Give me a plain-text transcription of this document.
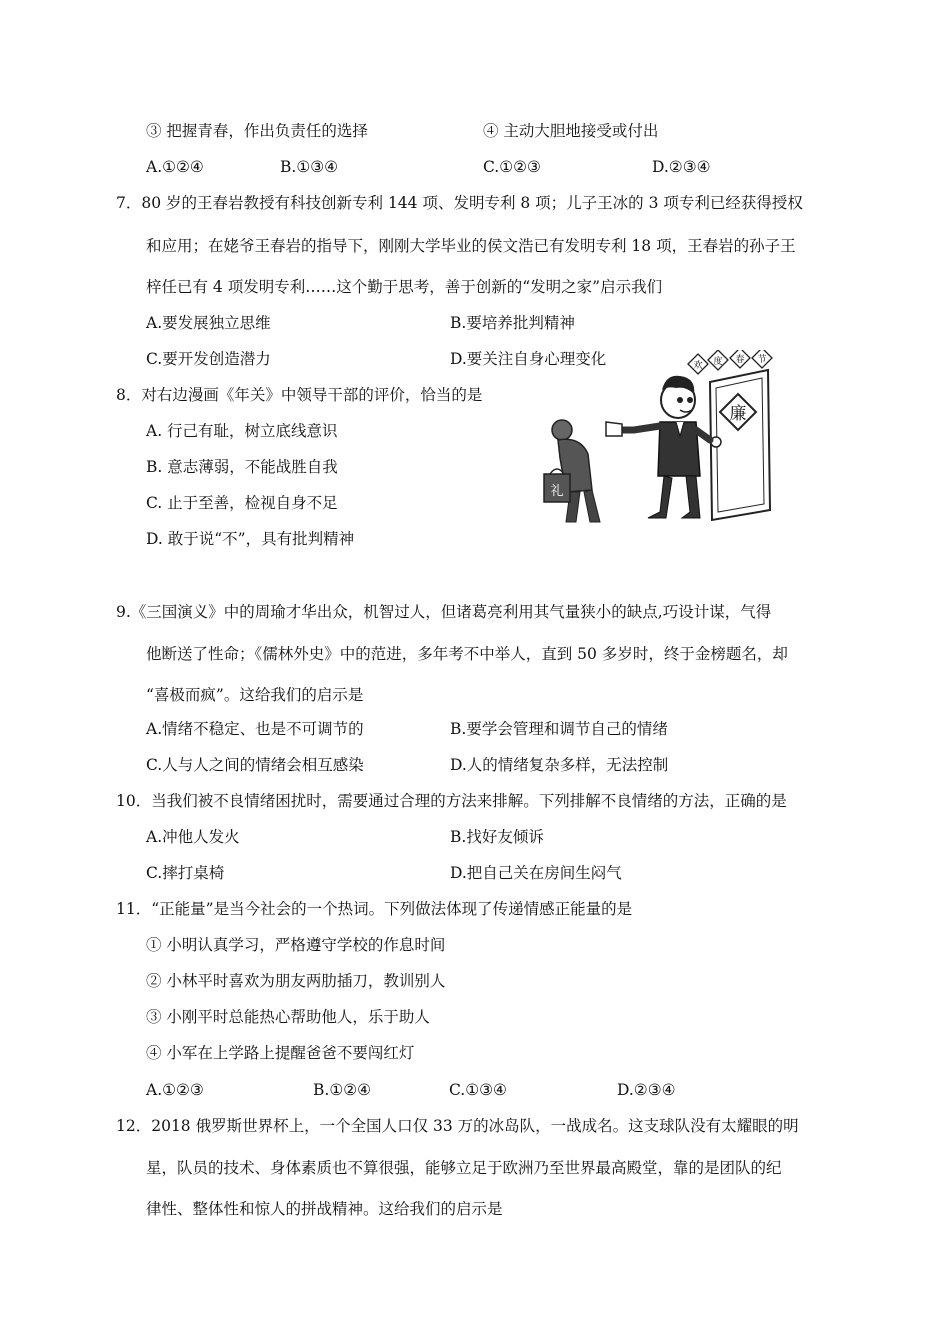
③ 把握青春，作出负责任的选择	④ 主动大胆地接受或付出
A.①②④	B.①③④	C.①②③	D.②③④
7．80 岁的王春岩教授有科技创新专利 144 项、发明专利 8 项；儿子王冰的 3 项专利已经获得授权
和应用；在姥爷王春岩的指导下，刚刚大学毕业的侯文浩已有发明专利 18 项，王春岩的孙子王
梓任已有 4 项发明专利……这个勤于思考，善于创新的“发明之家”启示我们
A.要发展独立思维	B.要培养批判精神
C.要开发创造潜力	D.要关注自身心理变化
8．对右边漫画《年关》中领导干部的评价，恰当的是
A. 行己有耻，树立底线意识
B. 意志薄弱，不能战胜自我
C. 止于至善，检视自身不足
D. 敢于说“不”，具有批判精神
廉
欢 度 春 节
礼
9.《三国演义》中的周瑜才华出众，机智过人，但诸葛亮利用其气量狭小的缺点,巧设计谋，气得
他断送了性命；《儒林外史》中的范进，多年考不中举人，直到 50 多岁时，终于金榜题名，却
“喜极而疯”。这给我们的启示是
A.情绪不稳定、也是不可调节的	B.要学会管理和调节自己的情绪
C.人与人之间的情绪会相互感染	D.人的情绪复杂多样，无法控制
10．当我们被不良情绪困扰时，需要通过合理的方法来排解。下列排解不良情绪的方法，正确的是
A.冲他人发火	B.找好友倾诉
C.摔打桌椅	D.把自己关在房间生闷气
11．“正能量”是当今社会的一个热词。下列做法体现了传递情感正能量的是
① 小明认真学习，严格遵守学校的作息时间
② 小林平时喜欢为朋友两肋插刀，教训别人
③ 小刚平时总能热心帮助他人，乐于助人
④ 小军在上学路上提醒爸爸不要闯红灯
A.①②③	B.①②④	C.①③④	D.②③④
12．2018 俄罗斯世界杯上，一个全国人口仅 33 万的冰岛队，一战成名。这支球队没有太耀眼的明
星，队员的技术、身体素质也不算很强，能够立足于欧洲乃至世界最高殿堂，靠的是团队的纪
律性、整体性和惊人的拼战精神。这给我们的启示是
